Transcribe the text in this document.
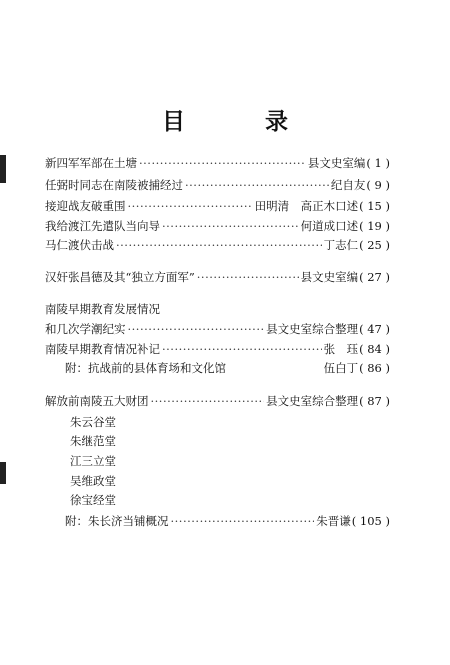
目 录
新四军军部在土塘 ·····	县文史室编 ( 1 )
任弼时同志在南陵被捕经过 ·····	纪自友 ( 9 )
接迎战友破重围 ·····	田明清　高正木口述 ( 15 )
我给渡江先遣队当向导 ·····	何道成口述 ( 19 )
马仁渡伏击战 ·····	丁志仁 ( 25 )
汉奸张昌德及其“独立方面军” ·····	县文史室编 ( 27 )
南陵早期教育发展情况
和几次学潮纪实 ·····	县文史室综合整理 ( 47 )
南陵早期教育情况补记 ·····	张　珏 ( 84 )
附：抗战前的县体育场和文化馆	伍白丁 ( 86 )
解放前南陵五大财团 ·····	县文史室综合整理 ( 87 )
朱云谷堂
朱继范堂
江三立堂
吴维政堂
徐宝经堂
附：朱长济当铺概况 ·····	朱晋谦 ( 105 )
